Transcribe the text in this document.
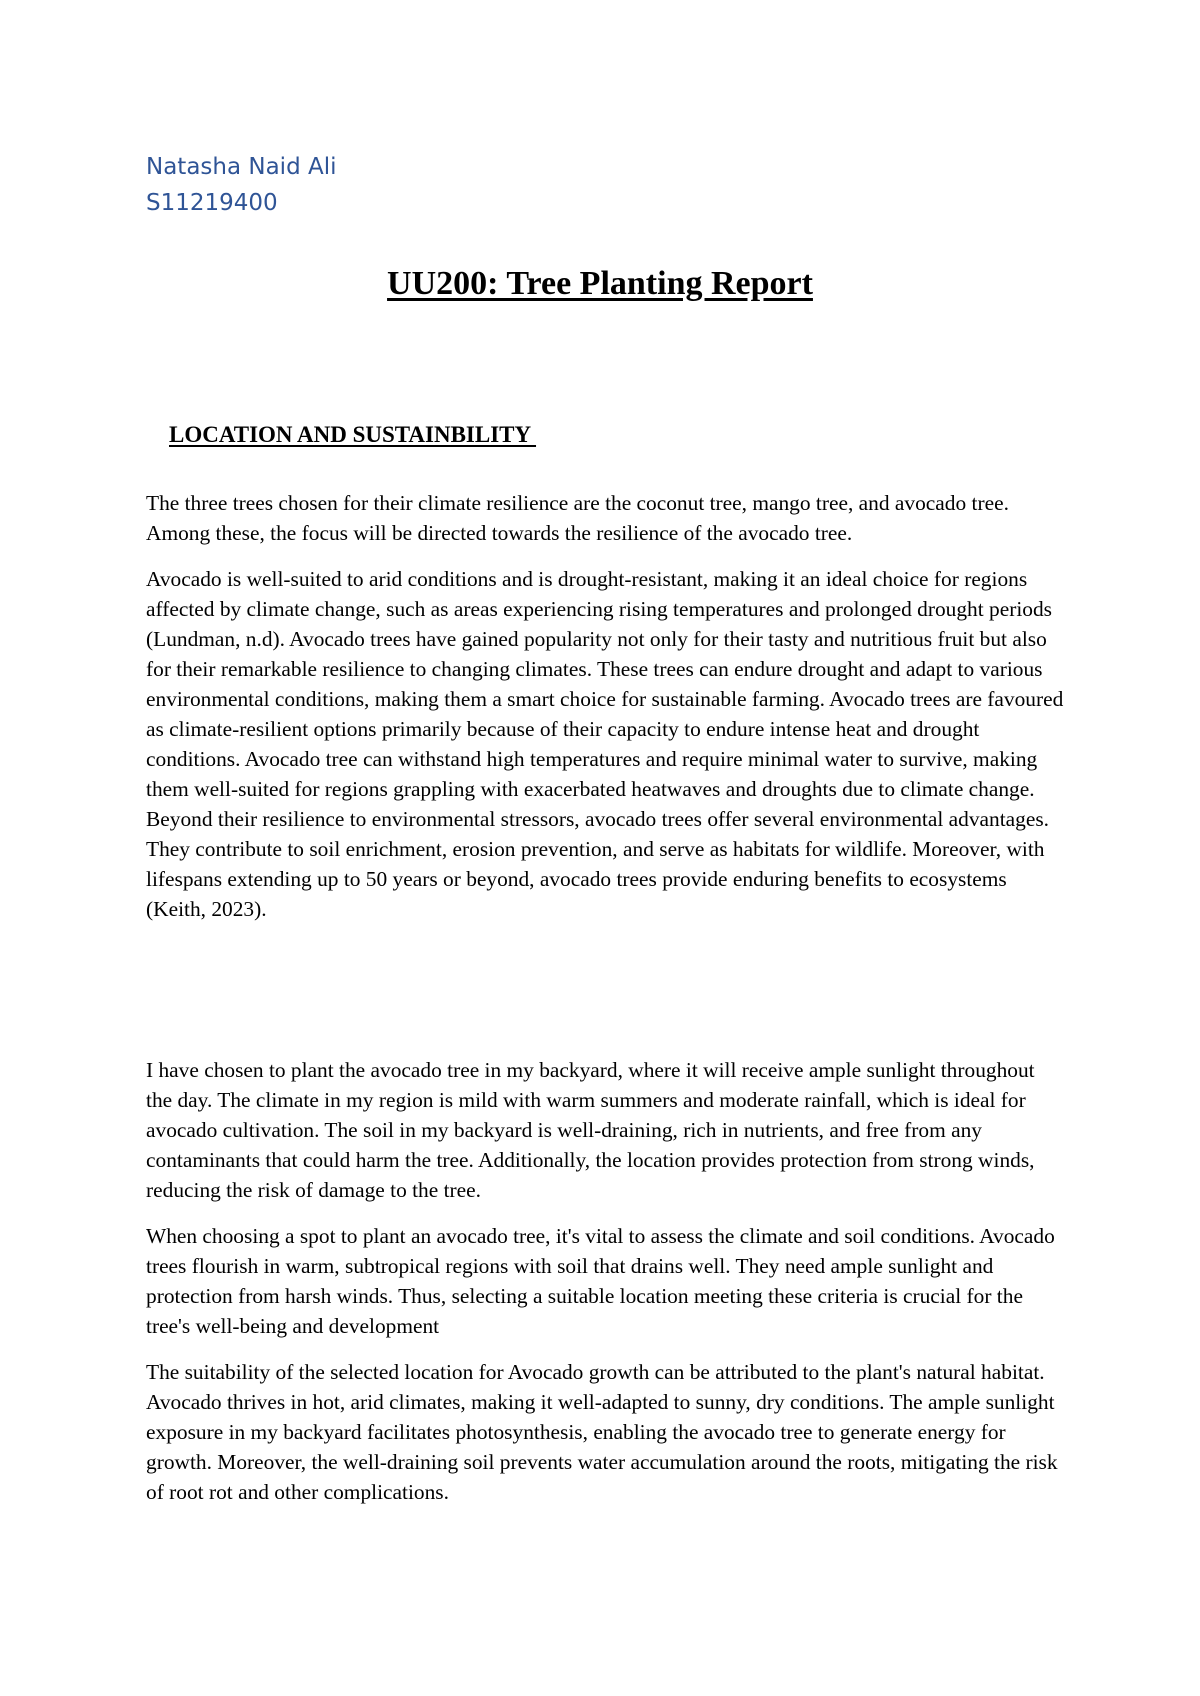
Natasha Naid Ali
S11219400
UU200: Tree Planting Report

LOCATION AND SUSTAINBILITY

The three trees chosen for their climate resilience are the coconut tree, mango tree, and avocado tree. Among these, the focus will be directed towards the resilience of the avocado tree.

Avocado is well-suited to arid conditions and is drought-resistant, making it an ideal choice for regions affected by climate change, such as areas experiencing rising temperatures and prolonged drought periods (Lundman, n.d). Avocado trees have gained popularity not only for their tasty and nutritious fruit but also for their remarkable resilience to changing climates. These trees can endure drought and adapt to various environmental conditions, making them a smart choice for sustainable farming. Avocado trees are favoured as climate-resilient options primarily because of their capacity to endure intense heat and drought conditions. Avocado tree can withstand high temperatures and require minimal water to survive, making them well-suited for regions grappling with exacerbated heatwaves and droughts due to climate change. Beyond their resilience to environmental stressors, avocado trees offer several environmental advantages. They contribute to soil enrichment, erosion prevention, and serve as habitats for wildlife. Moreover, with lifespans extending up to 50 years or beyond, avocado trees provide enduring benefits to ecosystems (Keith, 2023).

I have chosen to plant the avocado tree in my backyard, where it will receive ample sunlight throughout the day. The climate in my region is mild with warm summers and moderate rainfall, which is ideal for avocado cultivation. The soil in my backyard is well-draining, rich in nutrients, and free from any contaminants that could harm the tree. Additionally, the location provides protection from strong winds, reducing the risk of damage to the tree.

When choosing a spot to plant an avocado tree, it's vital to assess the climate and soil conditions. Avocado trees flourish in warm, subtropical regions with soil that drains well. They need ample sunlight and protection from harsh winds. Thus, selecting a suitable location meeting these criteria is crucial for the tree's well-being and development

The suitability of the selected location for Avocado growth can be attributed to the plant's natural habitat. Avocado thrives in hot, arid climates, making it well-adapted to sunny, dry conditions. The ample sunlight exposure in my backyard facilitates photosynthesis, enabling the avocado tree to generate energy for growth. Moreover, the well-draining soil prevents water accumulation around the roots, mitigating the risk of root rot and other complications.
